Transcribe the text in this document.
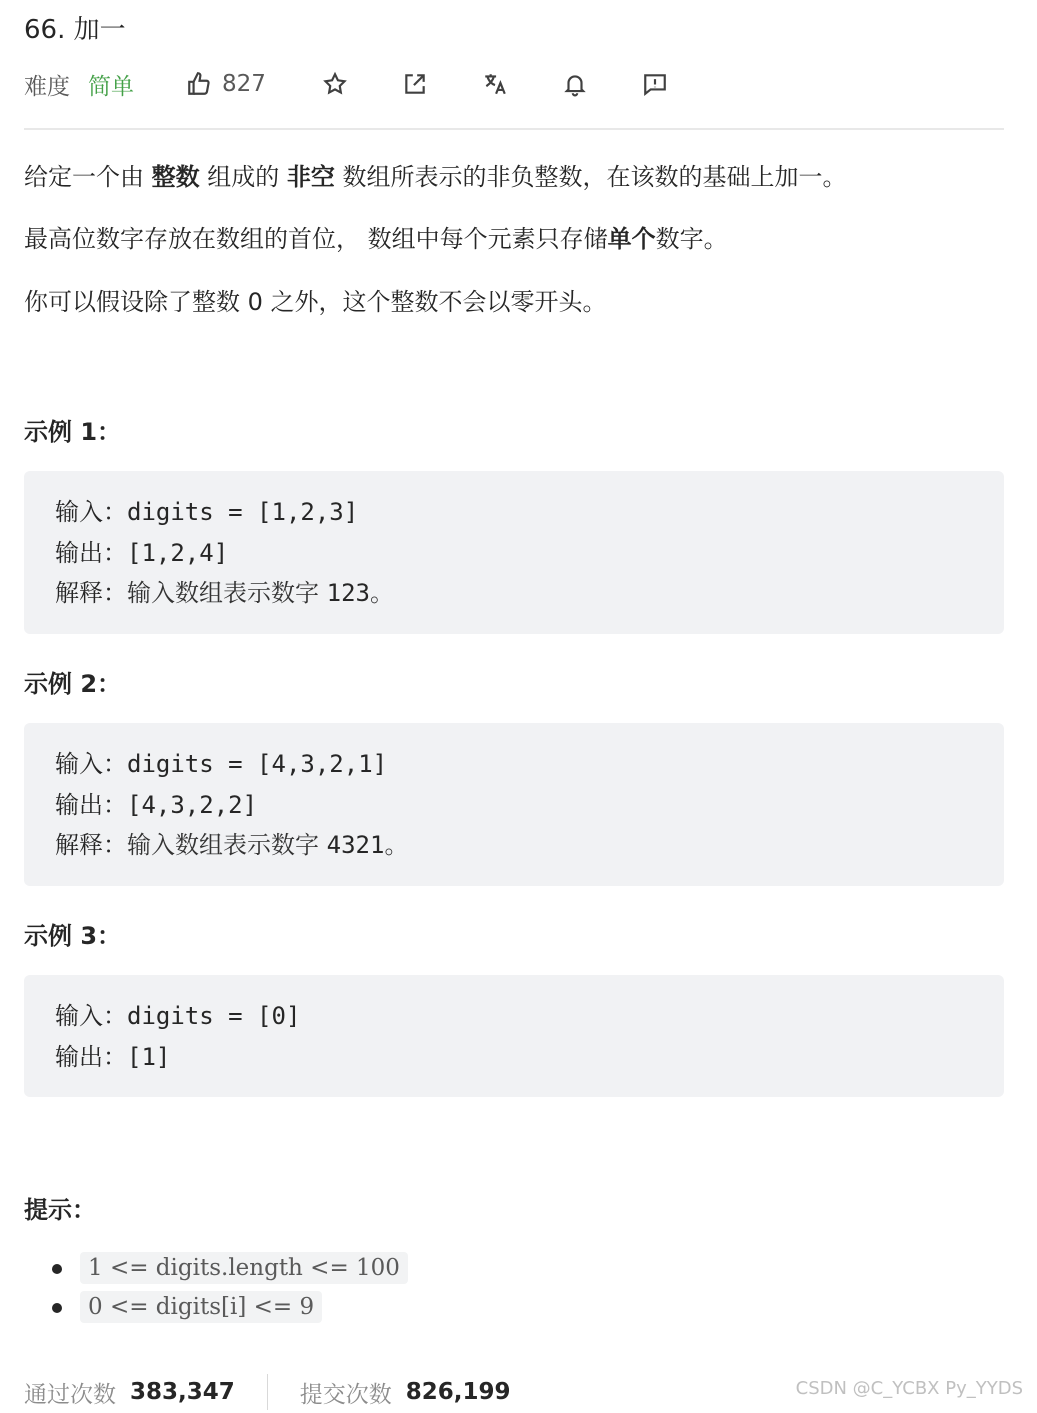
66. 加一
难度 简单	827
给定一个由 整数 组成的 非空 数组所表示的非负整数，在该数的基础上加一。
最高位数字存放在数组的首位， 数组中每个元素只存储单个数字。
你可以假设除了整数 0 之外，这个整数不会以零开头。
示例 1：
输入：digits = [1,2,3]
输出：[1,2,4]
解释：输入数组表示数字 123。
示例 2：
输入：digits = [4,3,2,1]
输出：[4,3,2,2]
解释：输入数组表示数字 4321。
示例 3：
输入：digits = [0]
输出：[1]
提示：
1 <= digits.length <= 100
0 <= digits[i] <= 9
通过次数 383,347	提交次数 826,199	CSDN @C_YCBX Py_YYDS
